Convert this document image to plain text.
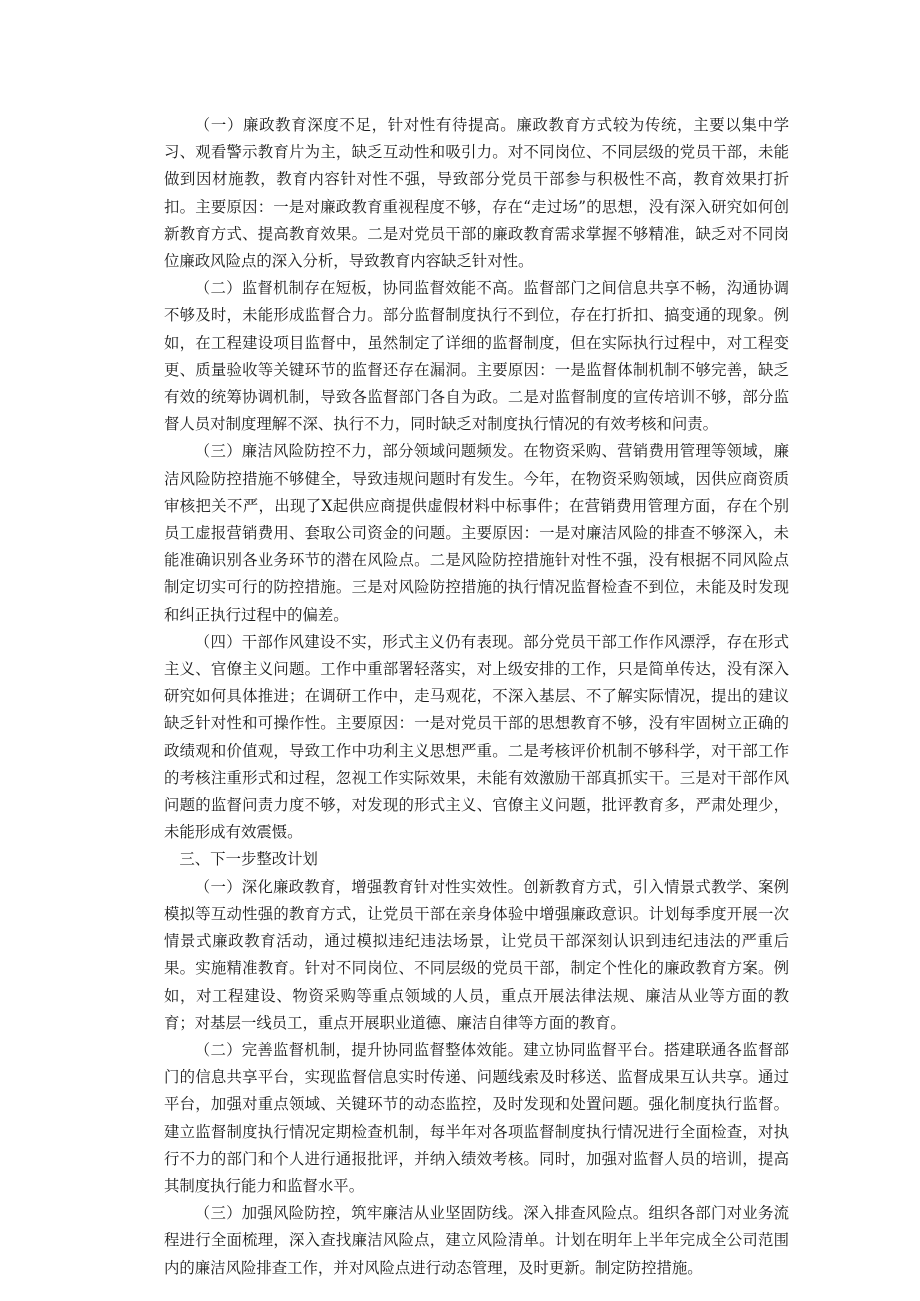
（一）廉政教育深度不足，针对性有待提高。廉政教育方式较为传统，主要以集中学习、观看警示教育片为主，缺乏互动性和吸引力。对不同岗位、不同层级的党员干部，未能做到因材施教，教育内容针对性不强，导致部分党员干部参与积极性不高，教育效果打折扣。主要原因：一是对廉政教育重视程度不够，存在“走过场”的思想，没有深入研究如何创新教育方式、提高教育效果。二是对党员干部的廉政教育需求掌握不够精准，缺乏对不同岗位廉政风险点的深入分析，导致教育内容缺乏针对性。

（二）监督机制存在短板，协同监督效能不高。监督部门之间信息共享不畅，沟通协调不够及时，未能形成监督合力。部分监督制度执行不到位，存在打折扣、搞变通的现象。例如，在工程建设项目监督中，虽然制定了详细的监督制度，但在实际执行过程中，对工程变更、质量验收等关键环节的监督还存在漏洞。主要原因：一是监督体制机制不够完善，缺乏有效的统筹协调机制，导致各监督部门各自为政。二是对监督制度的宣传培训不够，部分监督人员对制度理解不深、执行不力，同时缺乏对制度执行情况的有效考核和问责。

（三）廉洁风险防控不力，部分领域问题频发。在物资采购、营销费用管理等领域，廉洁风险防控措施不够健全，导致违规问题时有发生。今年，在物资采购领域，因供应商资质审核把关不严，出现了X起供应商提供虚假材料中标事件；在营销费用管理方面，存在个别员工虚报营销费用、套取公司资金的问题。主要原因：一是对廉洁风险的排查不够深入，未能准确识别各业务环节的潜在风险点。二是风险防控措施针对性不强，没有根据不同风险点制定切实可行的防控措施。三是对风险防控措施的执行情况监督检查不到位，未能及时发现和纠正执行过程中的偏差。

（四）干部作风建设不实，形式主义仍有表现。部分党员干部工作作风漂浮，存在形式主义、官僚主义问题。工作中重部署轻落实，对上级安排的工作，只是简单传达，没有深入研究如何具体推进；在调研工作中，走马观花，不深入基层、不了解实际情况，提出的建议缺乏针对性和可操作性。主要原因：一是对党员干部的思想教育不够，没有牢固树立正确的政绩观和价值观，导致工作中功利主义思想严重。二是考核评价机制不够科学，对干部工作的考核注重形式和过程，忽视工作实际效果，未能有效激励干部真抓实干。三是对干部作风问题的监督问责力度不够，对发现的形式主义、官僚主义问题，批评教育多，严肃处理少，未能形成有效震慑。

三、下一步整改计划

（一）深化廉政教育，增强教育针对性实效性。创新教育方式，引入情景式教学、案例模拟等互动性强的教育方式，让党员干部在亲身体验中增强廉政意识。计划每季度开展一次情景式廉政教育活动，通过模拟违纪违法场景，让党员干部深刻认识到违纪违法的严重后果。实施精准教育。针对不同岗位、不同层级的党员干部，制定个性化的廉政教育方案。例如，对工程建设、物资采购等重点领域的人员，重点开展法律法规、廉洁从业等方面的教育；对基层一线员工，重点开展职业道德、廉洁自律等方面的教育。

（二）完善监督机制，提升协同监督整体效能。建立协同监督平台。搭建联通各监督部门的信息共享平台，实现监督信息实时传递、问题线索及时移送、监督成果互认共享。通过平台，加强对重点领域、关键环节的动态监控，及时发现和处置问题。强化制度执行监督。建立监督制度执行情况定期检查机制，每半年对各项监督制度执行情况进行全面检查，对执行不力的部门和个人进行通报批评，并纳入绩效考核。同时，加强对监督人员的培训，提高其制度执行能力和监督水平。

（三）加强风险防控，筑牢廉洁从业坚固防线。深入排查风险点。组织各部门对业务流程进行全面梳理，深入查找廉洁风险点，建立风险清单。计划在明年上半年完成全公司范围内的廉洁风险排查工作，并对风险点进行动态管理，及时更新。制定防控措施。
